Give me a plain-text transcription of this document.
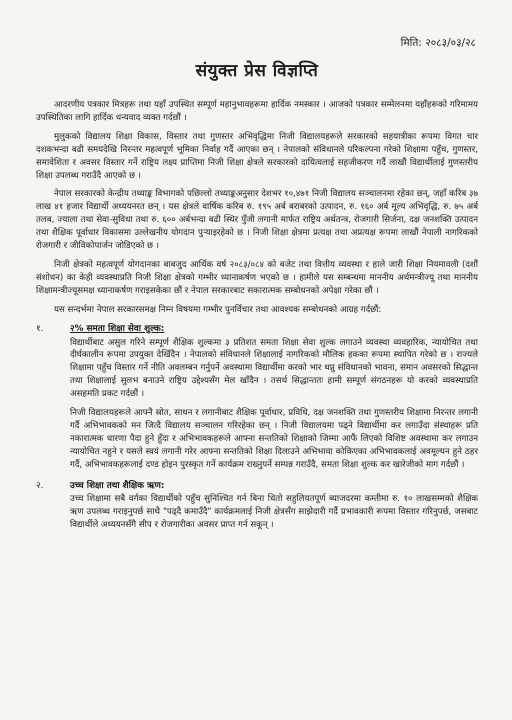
मिति: २०८३/०३/२८
संयुक्त प्रेस विज्ञप्ति

आदरणीय पत्रकार मित्रहरू तथा यहाँ उपस्थित सम्पूर्ण महानुभावहरूमा हार्दिक नमस्कार । आजको पत्रकार सम्मेलनमा यहाँहरूको गरिमामय उपस्थितिका लागि हार्दिक धन्यवाद व्यक्त गर्दछौं ।

मुलुकको विद्यालय शिक्षा विकास, विस्तार तथा गुणस्तर अभिवृद्धिमा निजी विद्यालयहरूले सरकारको सहयात्रीका रूपमा विगत चार दशकभन्दा बढी समयदेखि निरन्तर महत्वपूर्ण भूमिका निर्वाह गर्दै आएका छन् । नेपालको संविधानले परिकल्पना गरेको शिक्षामा पहुँच, गुणस्तर, समावेशिता र अवसर विस्तार गर्ने राष्ट्रिय लक्ष्य प्राप्तिमा निजी शिक्षा क्षेत्रले सरकारको दायित्वलाई सहजीकरण गर्दै लाखौं विद्यार्थीलाई गुणस्तरीय शिक्षा उपलब्ध गराउँदै आएको छ ।

नेपाल सरकारको केन्द्रीय तथ्याङ्क विभागको पछिल्लो तथ्याङ्कअनुसार देशभर १०,४७१ निजी विद्यालय सञ्चालनमा रहेका छन्, जहाँ करिब ३७ लाख ४१ हजार विद्यार्थी अध्ययनरत छन् । यस क्षेत्रले वार्षिक करिब रु. १९५ अर्ब बराबरको उत्पादन, रु. १६० अर्ब मूल्य अभिवृद्धि, रु. ७५ अर्ब तलब, ज्याला तथा सेवा-सुविधा तथा रु. ६०० अर्बभन्दा बढी स्थिर पुँजी लगानी मार्फत राष्ट्रिय अर्थतन्त्र, रोजगारी सिर्जना, दक्ष जनशक्ति उत्पादन तथा शैक्षिक पूर्वाधार विकासमा उल्लेखनीय योगदान पुर्‍याइरहेको छ । निजी शिक्षा क्षेत्रमा प्रत्यक्ष तथा अप्रत्यक्ष रूपमा लाखौं नेपाली नागरिकको रोजगारी र जीविकोपार्जन जोडिएको छ ।

निजी क्षेत्रको महत्वपूर्ण योगदानका बाबजुद आर्थिक वर्ष २०८३/०८४ को बजेट तथा वित्तीय व्यवस्था र हाले जारी शिक्षा नियमावली (दशौं संशोधन) का केही व्यवस्थाप्रति निजी शिक्षा क्षेत्रको गम्भीर ध्यानाकर्षण भएको छ । हामीले यस सम्बन्धमा माननीय अर्थमन्त्रीज्यू तथा माननीय शिक्षामन्त्रीज्यूसमक्ष ध्यानाकर्षण गराइसकेका छौं र नेपाल सरकारबाट सकारात्मक सम्बोधनको अपेक्षा गरेका छौं ।

यस सन्दर्भमा नेपाल सरकारसमक्ष निम्न विषयमा गम्भीर पुनर्विचार तथा आवश्यक सम्बोधनको आग्रह गर्दछौं:

१.	२% समता शिक्षा सेवा शुल्क:

विद्यार्थीबाट असुल गरिने सम्पूर्ण शैक्षिक शुल्कमा ३ प्रतिशत समता शिक्षा सेवा शुल्क लगाउने व्यवस्था व्यवहारिक, न्यायोचित तथा दीर्घकालीन रूपमा उपयुक्त देखिँदैन । नेपालको संविधानले शिक्षालाई नागरिकको मौलिक हकका रूपमा स्थापित गरेको छ । राज्यले शिक्षामा पहुँच विस्तार गर्ने नीति अवलम्बन गर्नुपर्ने अवस्थामा विद्यार्थीमा करको भार थप्नु संविधानको भावना, समान अवसरको सिद्धान्त तथा शिक्षालाई सुलभ बनाउने राष्ट्रिय उद्देश्यसँग मेल खाँदैन । तसर्थ सिद्धान्ततः हामी सम्पूर्ण संगठनहरू यो करको व्यवस्थाप्रति असहमति प्रकट गर्दछौं ।

निजी विद्यालयहरूले आफ्नै स्रोत, साधन र लगानीबाट शैक्षिक पूर्वाधार, प्रविधि, दक्ष जनशक्ति तथा गुणस्तरीय शिक्षामा निरन्तर लगानी गर्दै अभिभावकको मन जित्दै विद्यालय सञ्चालन गरिरहेका छन् । निजी विद्यालयमा पढ्ने विद्यार्थीमा कर लगाउँदा संस्थाहरू प्रति नकारात्मक धारणा पैदा हुने हुँदा र अभिभावकहरूले आफ्ना सन्ततिको शिक्षाको जिम्मा आफैं लिएको विशिष्ट अवस्थामा कर लगाउन न्यायोचित नहुने र यसले स्वयं लगानी गरेर आफ्ना सन्ततिको शिक्षा दिलाउने अभिभावा कोकिएका अभिभावकलाई अवमूल्यन हुने ठहर गर्दै, अभिभावकहरूलाई दण्ड होइन पुरस्कृत गर्ने कार्यक्रम राख्नुपर्ने सम्पन्न गराउँदै, समता शिक्षा शुल्क कर खारेजीको माग गर्दछौं ।

२.	उच्च शिक्षा तथा शैक्षिक ऋण:

उच्च शिक्षामा सबै वर्गका विद्यार्थीको पहुँच सुनिश्चित गर्न बिना धितो सहुलियतपूर्ण ब्याजदरमा कम्तीमा रु. १० लाखसम्मको शैक्षिक ऋण उपलब्ध गराइनुपर्छ साथै "पढ्दै कमाउँदै" कार्यक्रमलाई निजी क्षेत्रसँग साझेदारी गर्दै प्रभावकारी रूपमा विस्तार गरिनुपर्छ, जसबाट विद्यार्थीले अध्ययनसँगै सीप र रोजगारीका अवसर प्राप्त गर्न सकून् ।
